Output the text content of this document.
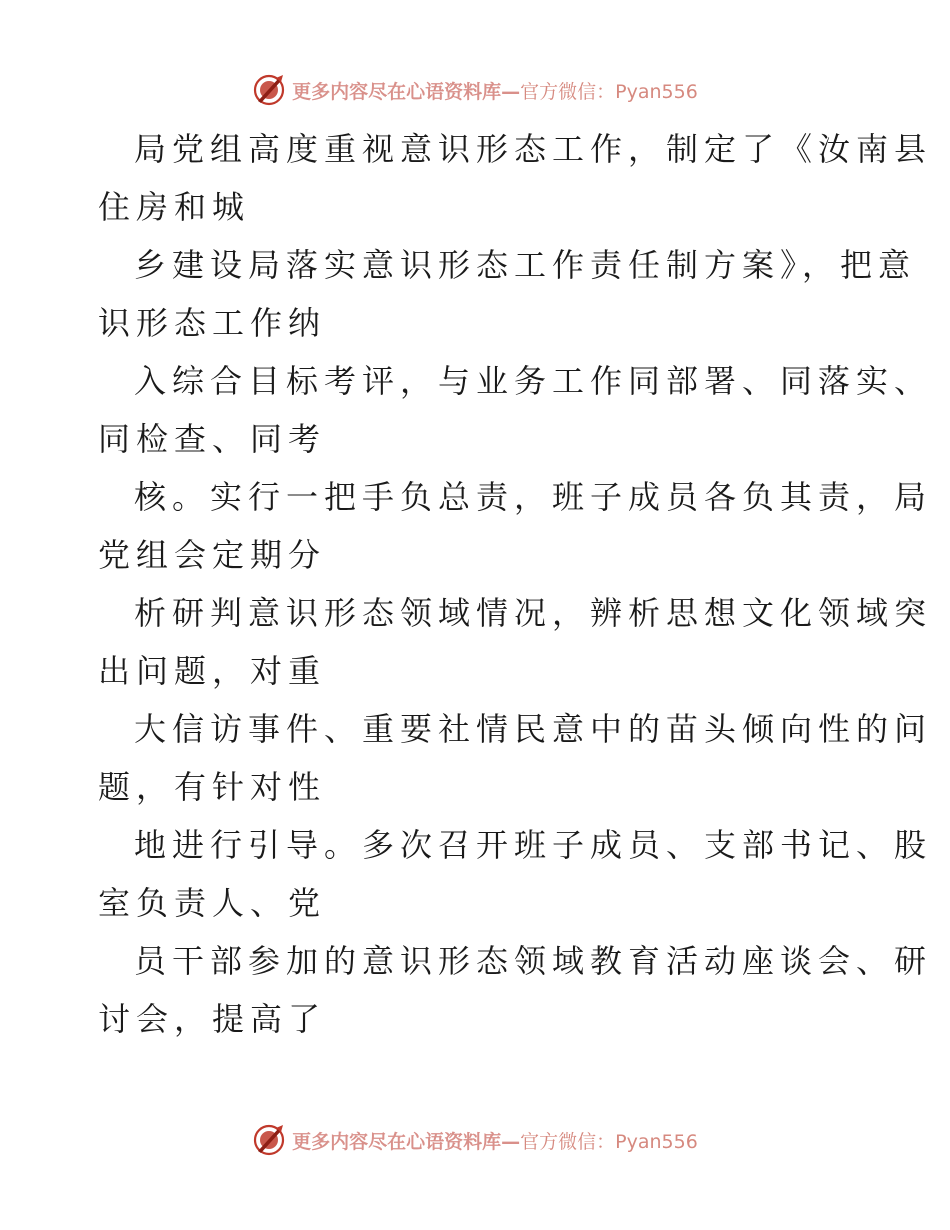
更多内容尽在心语资料库—官方微信：Pyan556

局党组高度重视意识形态工作，制定了《汝南县

住房和城

乡建设局落实意识形态工作责任制方案》，把意

识形态工作纳

入综合目标考评，与业务工作同部署、同落实、

同检查、同考

核。实行一把手负总责，班子成员各负其责，局

党组会定期分

析研判意识形态领域情况，辨析思想文化领域突

出问题，对重

大信访事件、重要社情民意中的苗头倾向性的问

题，有针对性

地进行引导。多次召开班子成员、支部书记、股

室负责人、党

员干部参加的意识形态领域教育活动座谈会、研

讨会，提高了

更多内容尽在心语资料库—官方微信：Pyan556
